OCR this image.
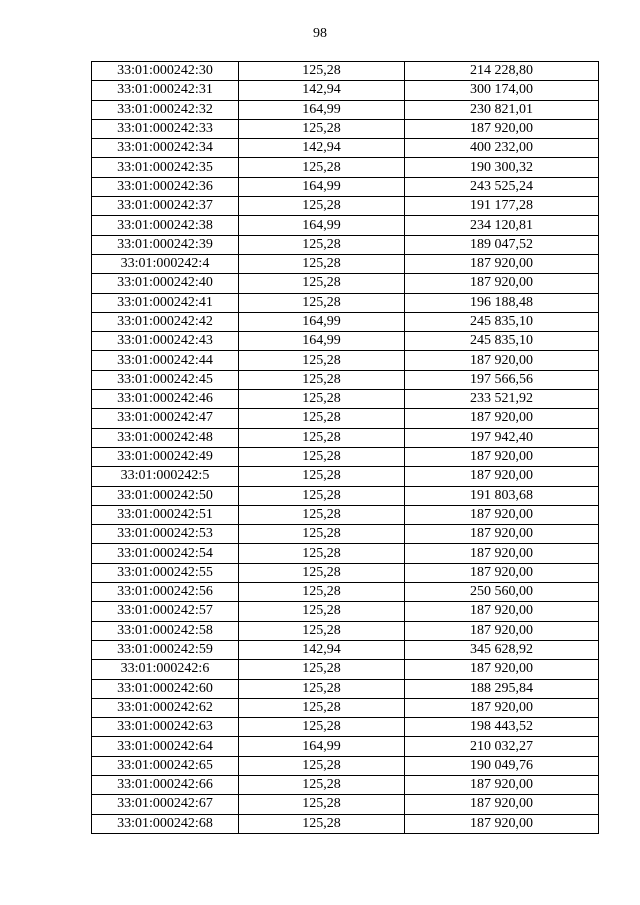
98
33:01:000242:30	125,28	214 228,80
33:01:000242:31	142,94	300 174,00
33:01:000242:32	164,99	230 821,01
33:01:000242:33	125,28	187 920,00
33:01:000242:34	142,94	400 232,00
33:01:000242:35	125,28	190 300,32
33:01:000242:36	164,99	243 525,24
33:01:000242:37	125,28	191 177,28
33:01:000242:38	164,99	234 120,81
33:01:000242:39	125,28	189 047,52
33:01:000242:4	125,28	187 920,00
33:01:000242:40	125,28	187 920,00
33:01:000242:41	125,28	196 188,48
33:01:000242:42	164,99	245 835,10
33:01:000242:43	164,99	245 835,10
33:01:000242:44	125,28	187 920,00
33:01:000242:45	125,28	197 566,56
33:01:000242:46	125,28	233 521,92
33:01:000242:47	125,28	187 920,00
33:01:000242:48	125,28	197 942,40
33:01:000242:49	125,28	187 920,00
33:01:000242:5	125,28	187 920,00
33:01:000242:50	125,28	191 803,68
33:01:000242:51	125,28	187 920,00
33:01:000242:53	125,28	187 920,00
33:01:000242:54	125,28	187 920,00
33:01:000242:55	125,28	187 920,00
33:01:000242:56	125,28	250 560,00
33:01:000242:57	125,28	187 920,00
33:01:000242:58	125,28	187 920,00
33:01:000242:59	142,94	345 628,92
33:01:000242:6	125,28	187 920,00
33:01:000242:60	125,28	188 295,84
33:01:000242:62	125,28	187 920,00
33:01:000242:63	125,28	198 443,52
33:01:000242:64	164,99	210 032,27
33:01:000242:65	125,28	190 049,76
33:01:000242:66	125,28	187 920,00
33:01:000242:67	125,28	187 920,00
33:01:000242:68	125,28	187 920,00
